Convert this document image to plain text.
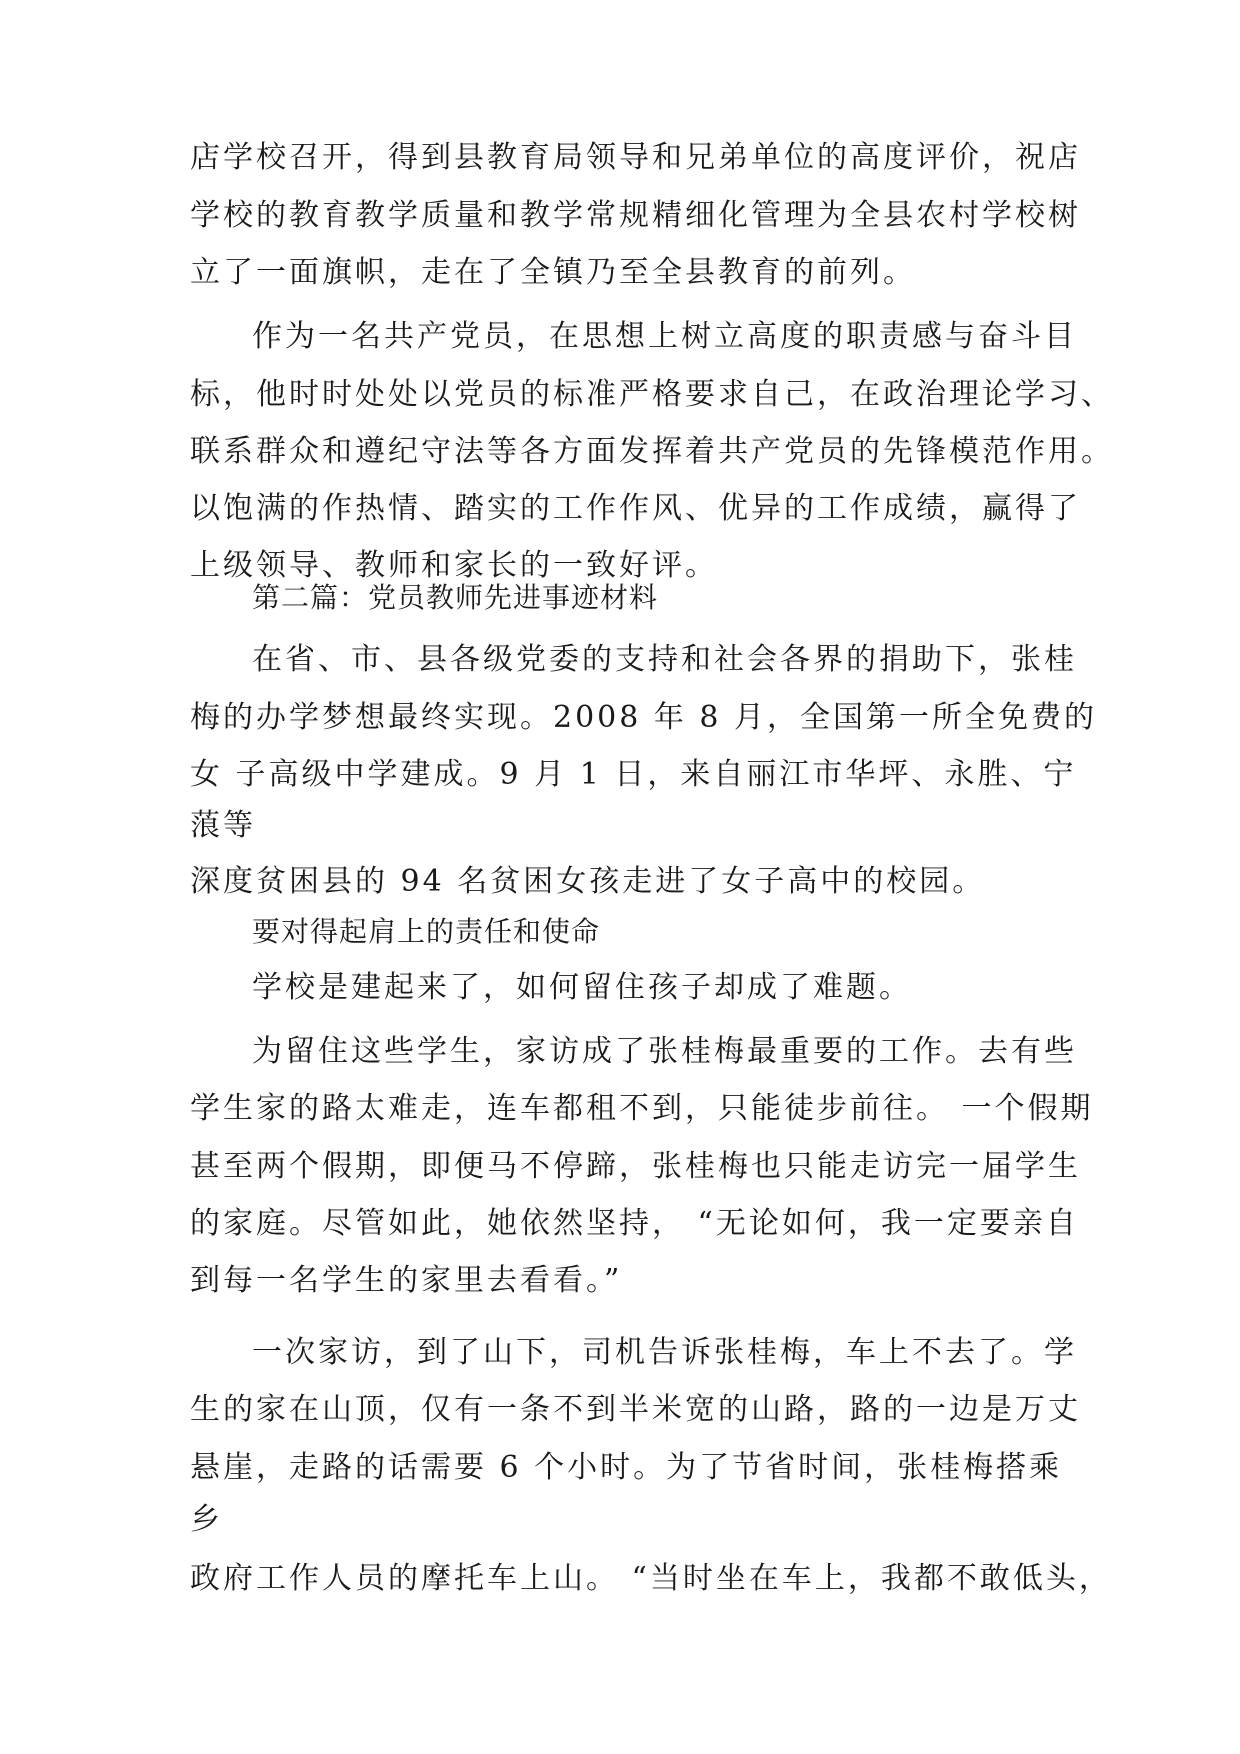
店学校召开，得到县教育局领导和兄弟单位的高度评价，祝店
学校的教育教学质量和教学常规精细化管理为全县农村学校树
立了一面旗帜，走在了全镇乃至全县教育的前列。
作为一名共产党员，在思想上树立高度的职责感与奋斗目
标，他时时处处以党员的标准严格要求自己，在政治理论学习、
联系群众和遵纪守法等各方面发挥着共产党员的先锋模范作用。
以饱满的作热情、踏实的工作作风、优异的工作成绩，赢得了
上级领导、教师和家长的一致好评。
第二篇：党员教师先进事迹材料
在省、市、县各级党委的支持和社会各界的捐助下，张桂
梅的办学梦想最终实现。2008 年 8 月，全国第一所全免费的
女 子高级中学建成。9 月 1 日，来自丽江市华坪、永胜、宁
蒗等
深度贫困县的 94 名贫困女孩走进了女子高中的校园。
要对得起肩上的责任和使命
学校是建起来了，如何留住孩子却成了难题。
为留住这些学生，家访成了张桂梅最重要的工作。去有些
学生家的路太难走，连车都租不到，只能徒步前往。 一个假期
甚至两个假期，即便马不停蹄，张桂梅也只能走访完一届学生
的家庭。尽管如此，她依然坚持， “无论如何，我一定要亲自
到每一名学生的家里去看看。”
一次家访，到了山下，司机告诉张桂梅，车上不去了。学
生的家在山顶，仅有一条不到半米宽的山路，路的一边是万丈
悬崖，走路的话需要 6 个小时。为了节省时间，张桂梅搭乘
乡
政府工作人员的摩托车上山。 “当时坐在车上，我都不敢低头，
